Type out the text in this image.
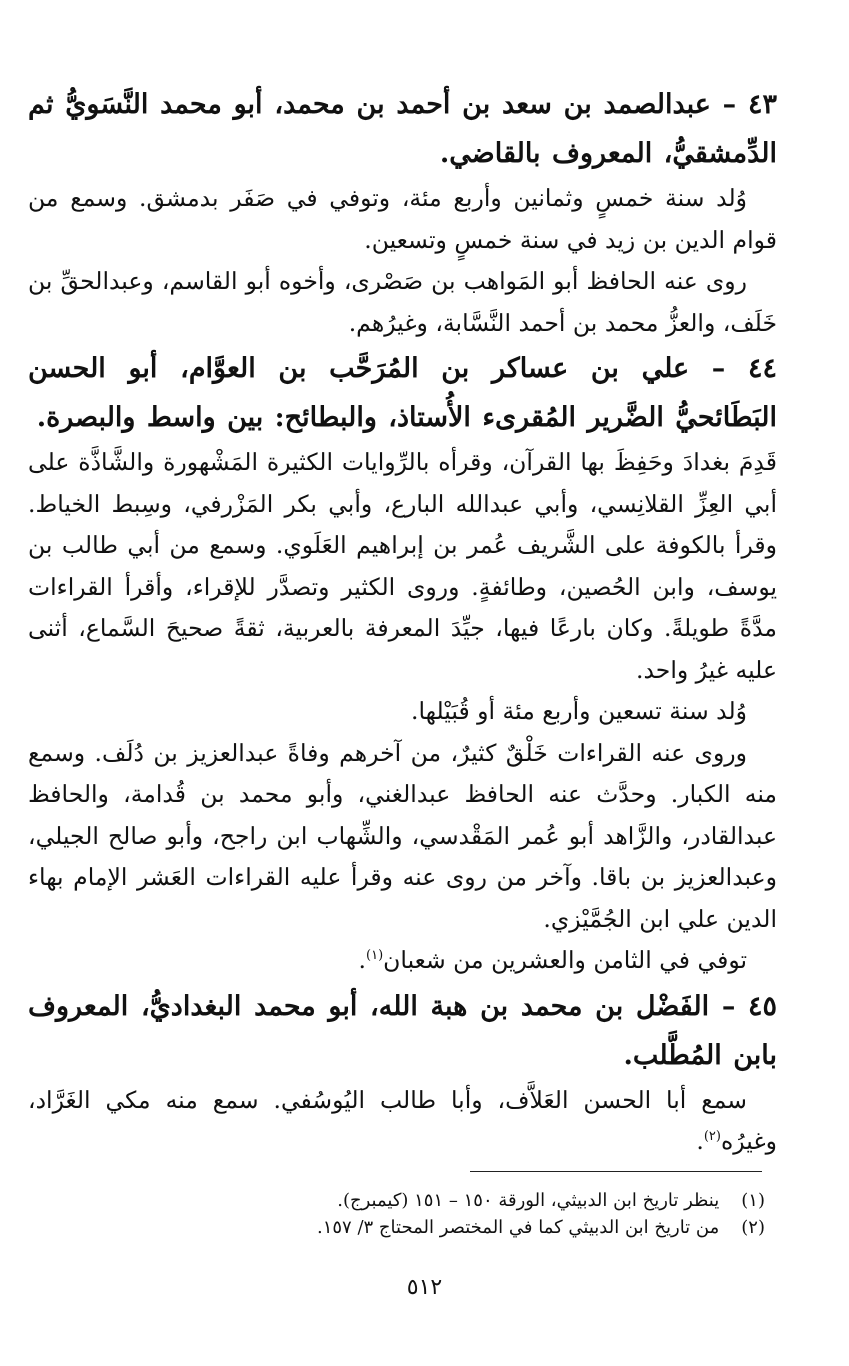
٤٣ – عبدالصمد بن سعد بن أحمد بن محمد، أبو محمد النَّسَويُّ ثم الدِّمشقيُّ، المعروف بالقاضي.

وُلد سنة خمسٍ وثمانين وأربع مئة، وتوفي في صَفَر بدمشق. وسمع من قوام الدين بن زيد في سنة خمسٍ وتسعين.

روى عنه الحافظ أبو المَواهب بن صَصْرى، وأخوه أبو القاسم، وعبدالحقِّ بن خَلَف، والعزُّ محمد بن أحمد النَّسَّابة، وغيرُهم.

٤٤ – علي بن عساكر بن المُرَحَّب بن العوَّام، أبو الحسن البَطَائحيُّ الضَّرير المُقرىء الأُستاذ، والبطائح: بين واسط والبصرة.

قَدِمَ بغدادَ وحَفِظَ بها القرآن، وقرأه بالرِّوايات الكثيرة المَشْهورة والشَّاذَّة على أبي العِزِّ القلانِسي، وأبي عبدالله البارع، وأبي بكر المَزْرفي، وسِبط الخياط. وقرأ بالكوفة على الشَّريف عُمر بن إبراهيم العَلَوي. وسمع من أبي طالب بن يوسف، وابن الحُصين، وطائفةٍ. وروى الكثير وتصدَّر للإقراء، وأقرأ القراءات مدَّةً طويلةً. وكان بارعًا فيها، جيِّدَ المعرفة بالعربية، ثقةً صحيحَ السَّماع، أثنى عليه غيرُ واحد.

وُلد سنة تسعين وأربع مئة أو قُبَيْلها.

وروى عنه القراءات خَلْقٌ كثيرٌ، من آخرهم وفاةً عبدالعزيز بن دُلَف. وسمع منه الكبار. وحدَّث عنه الحافظ عبدالغني، وأبو محمد بن قُدامة، والحافظ عبدالقادر، والزَّاهد أبو عُمر المَقْدسي، والشِّهاب ابن راجح، وأبو صالح الجيلي، وعبدالعزيز بن باقا. وآخر من روى عنه وقرأ عليه القراءات العَشر الإمام بهاء الدين علي ابن الجُمَّيْزي.

توفي في الثامن والعشرين من شعبان$^{(١)}$.

٤٥ – الفَضْل بن محمد بن هبة الله، أبو محمد البغداديُّ، المعروف بابن المُطَّلب.

سمع أبا الحسن العَلاَّف، وأبا طالب اليُوسُفي. سمع منه مكي الغَرَّاد، وغيرُه$^{(٢)}$.

(١) ينظر تاريخ ابن الدبيثي، الورقة ١٥٠ – ١٥١ (كيمبرج).

(٢) من تاريخ ابن الدبيثي كما في المختصر المحتاج ٣/ ١٥٧.

٥١٢
